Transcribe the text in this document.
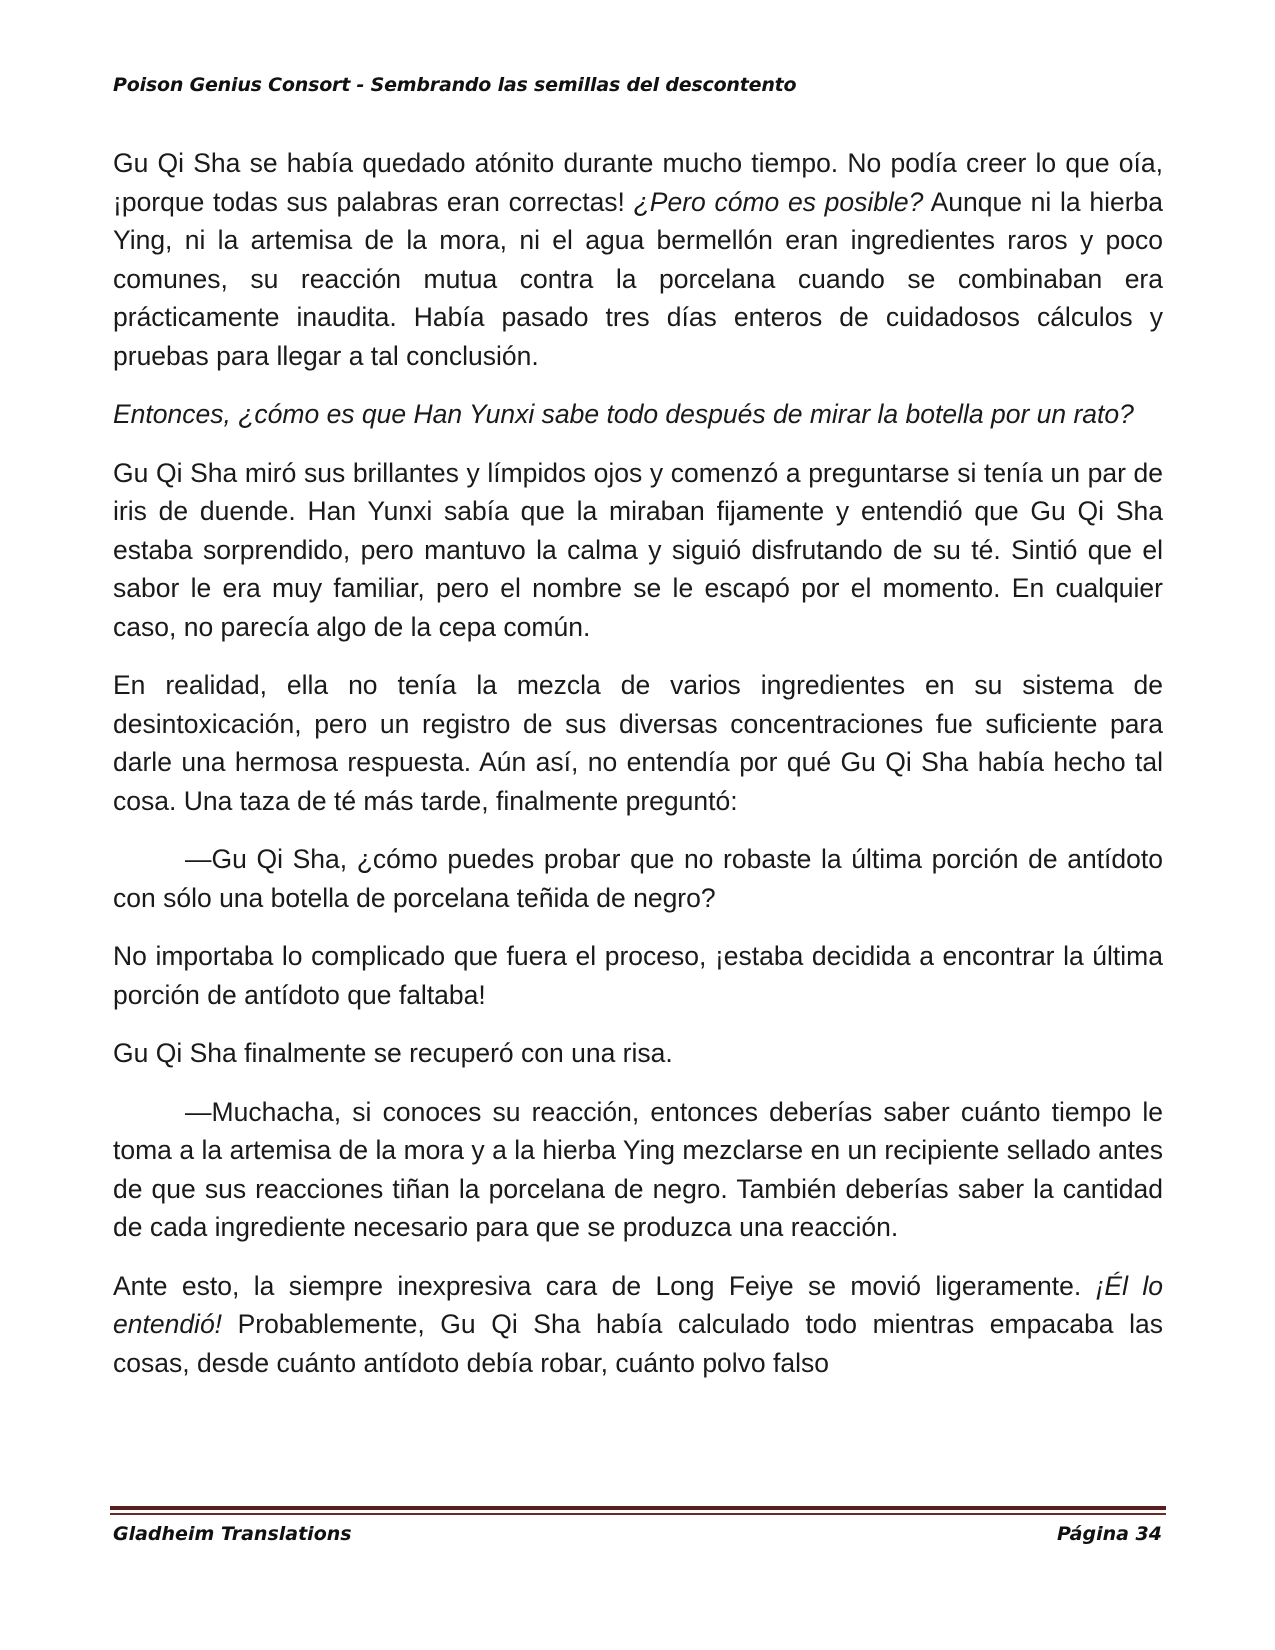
Poison Genius Consort - Sembrando las semillas del descontento

Gu Qi Sha se había quedado atónito durante mucho tiempo. No podía creer lo que oía, ¡porque todas sus palabras eran correctas! ¿Pero cómo es posible? Aunque ni la hierba Ying, ni la artemisa de la mora, ni el agua bermellón eran ingredientes raros y poco comunes, su reacción mutua contra la porcelana cuando se combinaban era prácticamente inaudita. Había pasado tres días enteros de cuidadosos cálculos y pruebas para llegar a tal conclusión.

Entonces, ¿cómo es que Han Yunxi sabe todo después de mirar la botella por un rato?

Gu Qi Sha miró sus brillantes y límpidos ojos y comenzó a preguntarse si tenía un par de iris de duende. Han Yunxi sabía que la miraban fijamente y entendió que Gu Qi Sha estaba sorprendido, pero mantuvo la calma y siguió disfrutando de su té. Sintió que el sabor le era muy familiar, pero el nombre se le escapó por el momento. En cualquier caso, no parecía algo de la cepa común.

En realidad, ella no tenía la mezcla de varios ingredientes en su sistema de desintoxicación, pero un registro de sus diversas concentraciones fue suficiente para darle una hermosa respuesta. Aún así, no entendía por qué Gu Qi Sha había hecho tal cosa. Una taza de té más tarde, finalmente preguntó:

—Gu Qi Sha, ¿cómo puedes probar que no robaste la última porción de antídoto con sólo una botella de porcelana teñida de negro?

No importaba lo complicado que fuera el proceso, ¡estaba decidida a encontrar la última porción de antídoto que faltaba!

Gu Qi Sha finalmente se recuperó con una risa.

—Muchacha, si conoces su reacción, entonces deberías saber cuánto tiempo le toma a la artemisa de la mora y a la hierba Ying mezclarse en un recipiente sellado antes de que sus reacciones tiñan la porcelana de negro. También deberías saber la cantidad de cada ingrediente necesario para que se produzca una reacción.

Ante esto, la siempre inexpresiva cara de Long Feiye se movió ligeramente. ¡Él lo entendió! Probablemente, Gu Qi Sha había calculado todo mientras empacaba las cosas, desde cuánto antídoto debía robar, cuánto polvo falso

Gladheim Translations	Página 34
